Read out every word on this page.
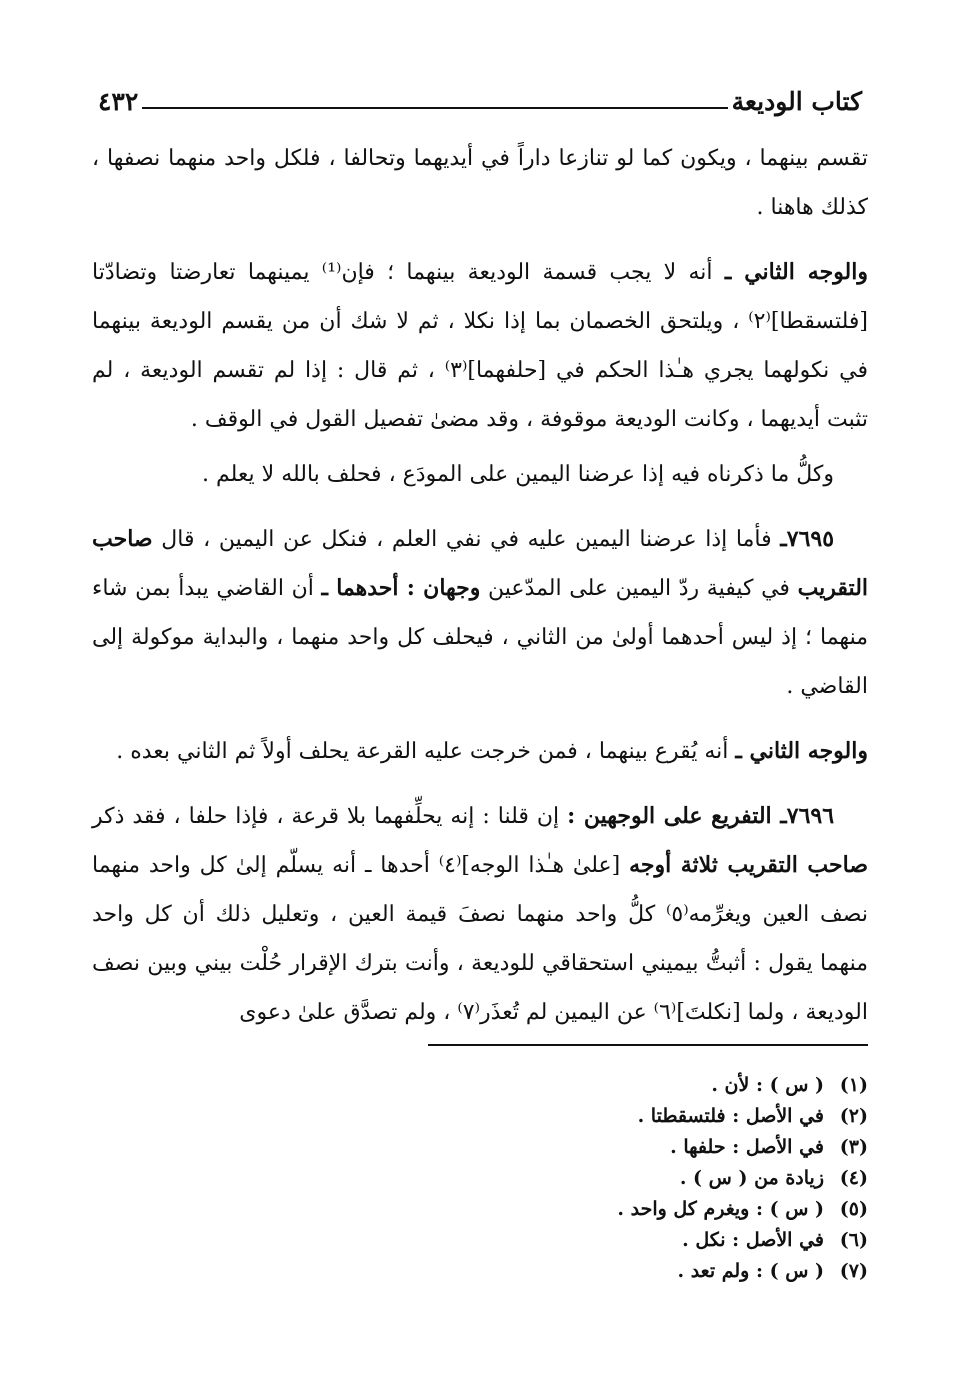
كتاب الوديعة
٤٣٢

تقسم بينهما ، ويكون كما لو تنازعا داراً في أيديهما وتحالفا ، فلكل واحد منهما نصفها ، كذلك هاهنا .

والوجه الثاني ـ أنه لا يجب قسمة الوديعة بينهما ؛ فإن⁽¹⁾ يمينهما تعارضتا وتضادّتا [فلتسقطا]⁽٢⁾ ، ويلتحق الخصمان بما إذا نكلا ، ثم لا شك أن من يقسم الوديعة بينهما في نكولهما يجري هـٰذا الحكم في [حلفهما]⁽٣⁾ ، ثم قال : إذا لم تقسم الوديعة ، لم تثبت أيديهما ، وكانت الوديعة موقوفة ، وقد مضىٰ تفصيل القول في الوقف .

وكلُّ ما ذكرناه فيه إذا عرضنا اليمين على المودَع ، فحلف بالله لا يعلم .

٧٦٩٥ـ فأما إذا عرضنا اليمين عليه في نفي العلم ، فنكل عن اليمين ، قال صاحب التقريب في كيفية ردّ اليمين على المدّعين وجهان : أحدهما ـ أن القاضي يبدأ بمن شاء منهما ؛ إذ ليس أحدهما أولىٰ من الثاني ، فيحلف كل واحد منهما ، والبداية موكولة إلى القاضي .

والوجه الثاني ـ أنه يُقرع بينهما ، فمن خرجت عليه القرعة يحلف أولاً ثم الثاني بعده .

٧٦٩٦ـ التفريع على الوجهين : إن قلنا : إنه يحلِّفهما بلا قرعة ، فإذا حلفا ، فقد ذكر صاحب التقريب ثلاثة أوجه [علىٰ هـٰذا الوجه]⁽٤⁾ أحدها ـ أنه يسلّم إلىٰ كل واحد منهما نصف العين ويغرِّمه⁽٥⁾ كلُّ واحد منهما نصفَ قيمة العين ، وتعليل ذلك أن كل واحد منهما يقول : أثبتُّ بيميني استحقاقي للوديعة ، وأنت بترك الإقرار حُلْت بيني وبين نصف الوديعة ، ولما [نكلتَ]⁽٦⁾ عن اليمين لم تُعذَر⁽٧⁾ ، ولم تصدَّق علىٰ دعوى

(١)
( س ) : لأن .
(٢)
في الأصل : فلتسقطتا .
(٣)
في الأصل : حلفها .
(٤)
زيادة من ( س ) .
(٥)
( س ) : ويغرم كل واحد .
(٦)
في الأصل : نكل .
(٧)
( س ) : ولم تعد .
